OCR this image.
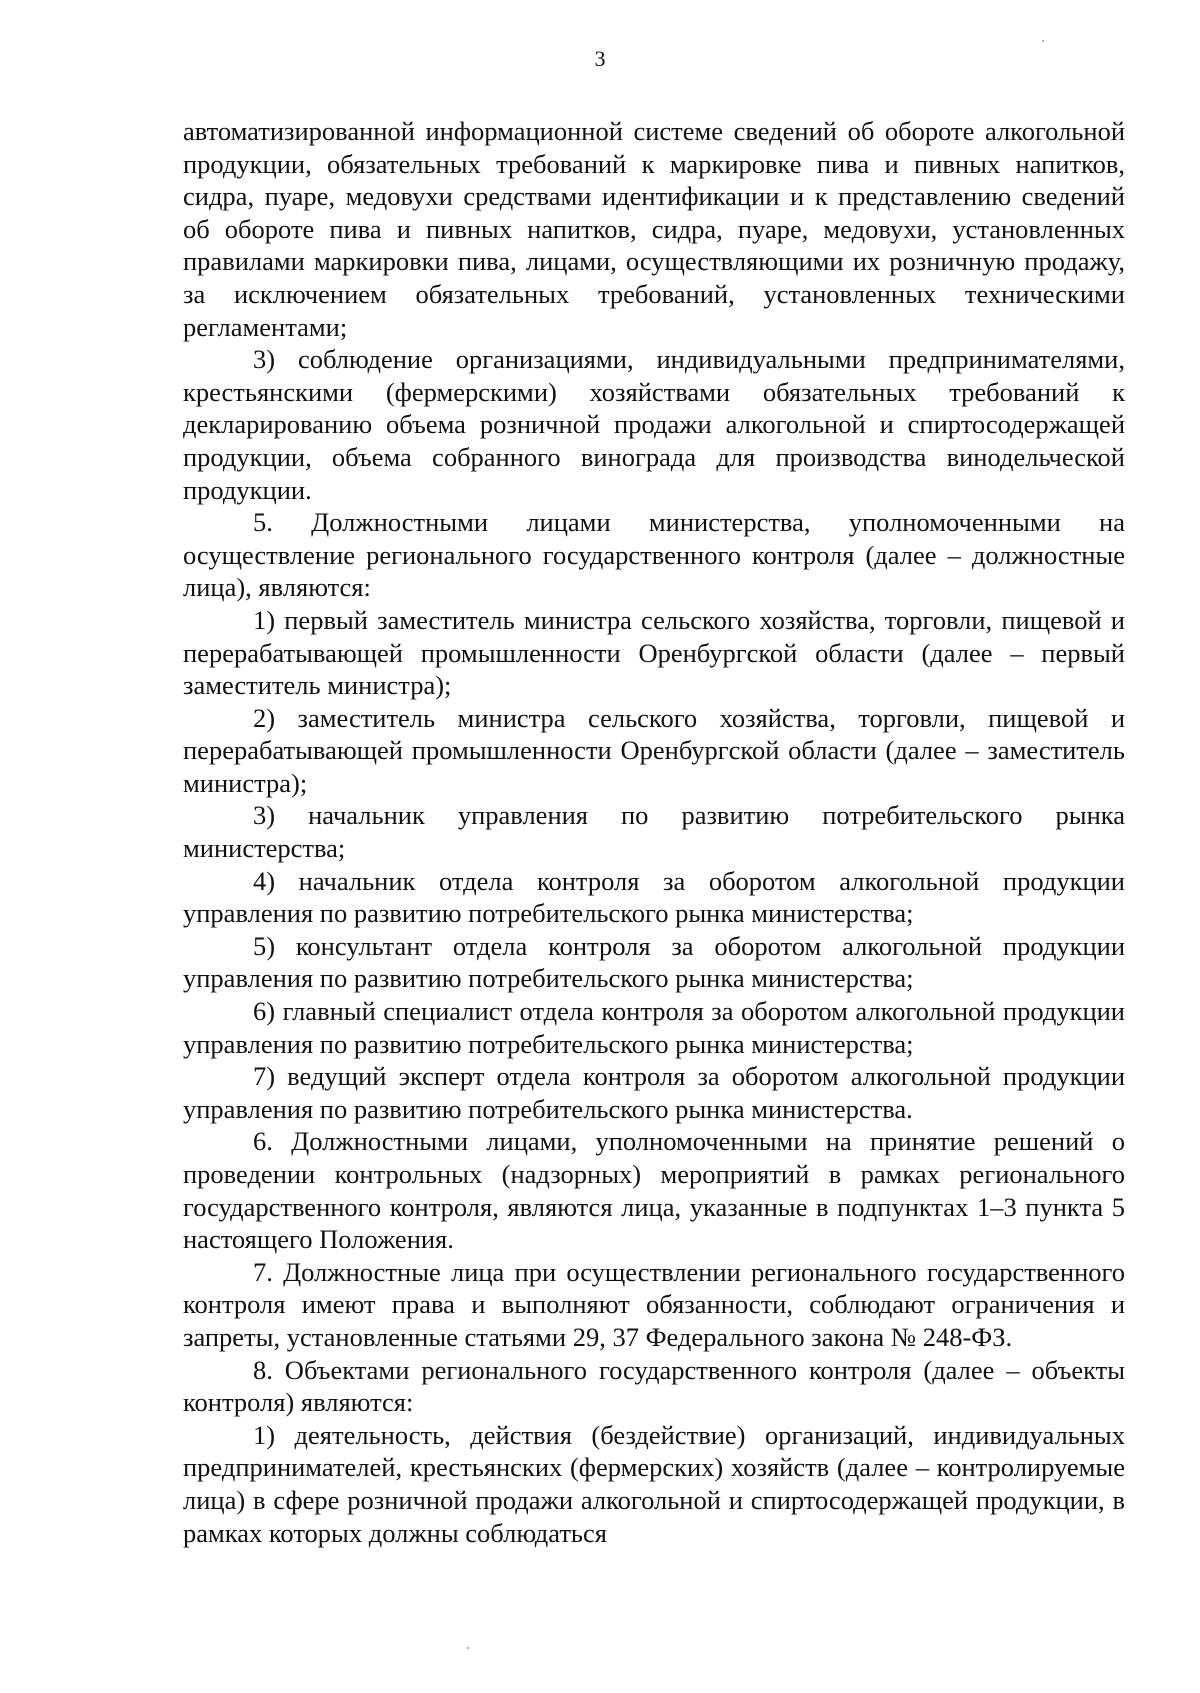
3

автоматизированной информационной системе сведений об обороте алкогольной продукции, обязательных требований к маркировке пива и пивных напитков, сидра, пуаре, медовухи средствами идентификации и к представлению сведений об обороте пива и пивных напитков, сидра, пуаре, медовухи, установленных правилами маркировки пива, лицами, осуществляющими их розничную продажу, за исключением обязательных требований, установленных техническими регламентами;

3) соблюдение организациями, индивидуальными предпринимателями, крестьянскими (фермерскими) хозяйствами обязательных требований к декларированию объема розничной продажи алкогольной и спиртосодержащей продукции, объема собранного винограда для производства винодельческой продукции.

5. Должностными лицами министерства, уполномоченными на осуществление регионального государственного контроля (далее – должностные лица), являются:

1) первый заместитель министра сельского хозяйства, торговли, пищевой и перерабатывающей промышленности Оренбургской области (далее – первый заместитель министра);

2) заместитель министра сельского хозяйства, торговли, пищевой и перерабатывающей промышленности Оренбургской области (далее – заместитель министра);

3) начальник управления по развитию потребительского рынка министерства;

4) начальник отдела контроля за оборотом алкогольной продукции управления по развитию потребительского рынка министерства;

5) консультант отдела контроля за оборотом алкогольной продукции управления по развитию потребительского рынка министерства;

6) главный специалист отдела контроля за оборотом алкогольной продукции управления по развитию потребительского рынка министерства;

7) ведущий эксперт отдела контроля за оборотом алкогольной продукции управления по развитию потребительского рынка министерства.

6. Должностными лицами, уполномоченными на принятие решений о проведении контрольных (надзорных) мероприятий в рамках регионального государственного контроля, являются лица, указанные в подпунктах 1–3 пункта 5 настоящего Положения.

7. Должностные лица при осуществлении регионального государственного контроля имеют права и выполняют обязанности, соблюдают ограничения и запреты, установленные статьями 29, 37 Федерального закона № 248-ФЗ.

8. Объектами регионального государственного контроля (далее – объекты контроля) являются:

1) деятельность, действия (бездействие) организаций, индивидуальных предпринимателей, крестьянских (фермерских) хозяйств (далее – контролируемые лица) в сфере розничной продажи алкогольной и спиртосодержащей продукции, в рамках которых должны соблюдаться
